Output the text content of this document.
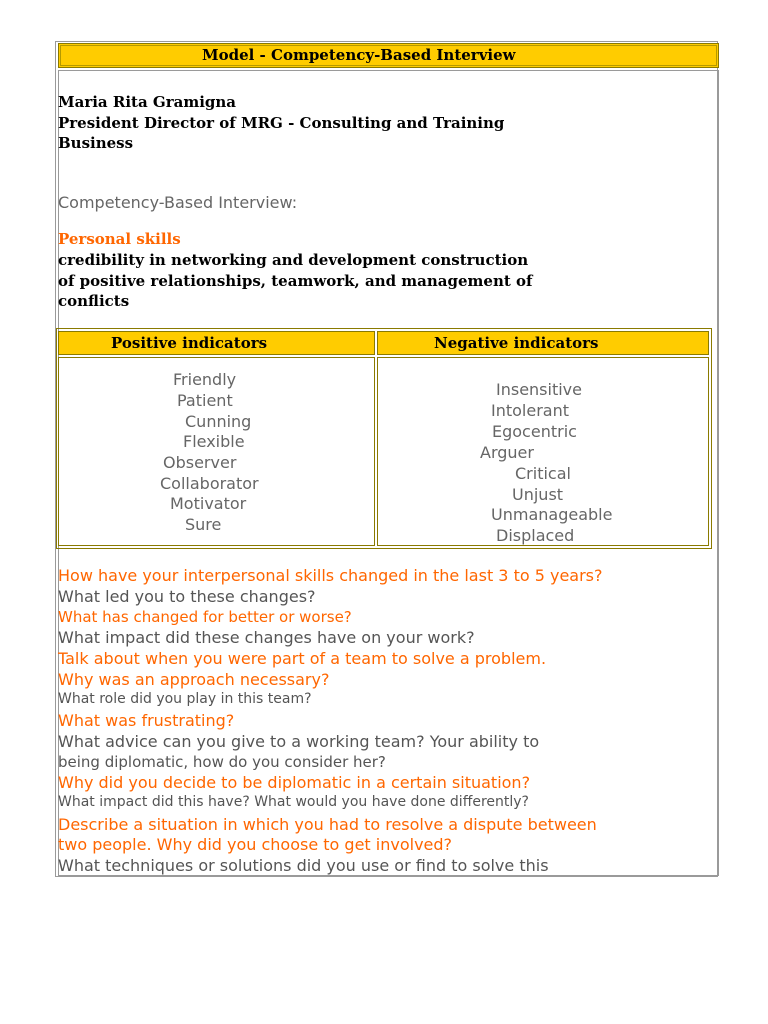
Model - Competency-Based Interview
Maria Rita Gramigna
President Director of MRG - Consulting and Training
Business
Competency-Based Interview:
Personal skills
credibility in networking and development construction
of positive relationships, teamwork, and management of
conflicts
Positive indicators	Negative indicators
Friendly
Patient
Cunning
Flexible
Observer
Collaborator
Motivator
Sure
Insensitive
Intolerant
Egocentric
Arguer
Critical
Unjust
Unmanageable
Displaced
How have your interpersonal skills changed in the last 3 to 5 years?
What led you to these changes?
What has changed for better or worse?
What impact did these changes have on your work?
Talk about when you were part of a team to solve a problem.
Why was an approach necessary?
What role did you play in this team?
What was frustrating?
What advice can you give to a working team? Your ability to
being diplomatic, how do you consider her?
Why did you decide to be diplomatic in a certain situation?
What impact did this have? What would you have done differently?
Describe a situation in which you had to resolve a dispute between
two people. Why did you choose to get involved?
What techniques or solutions did you use or find to solve this
